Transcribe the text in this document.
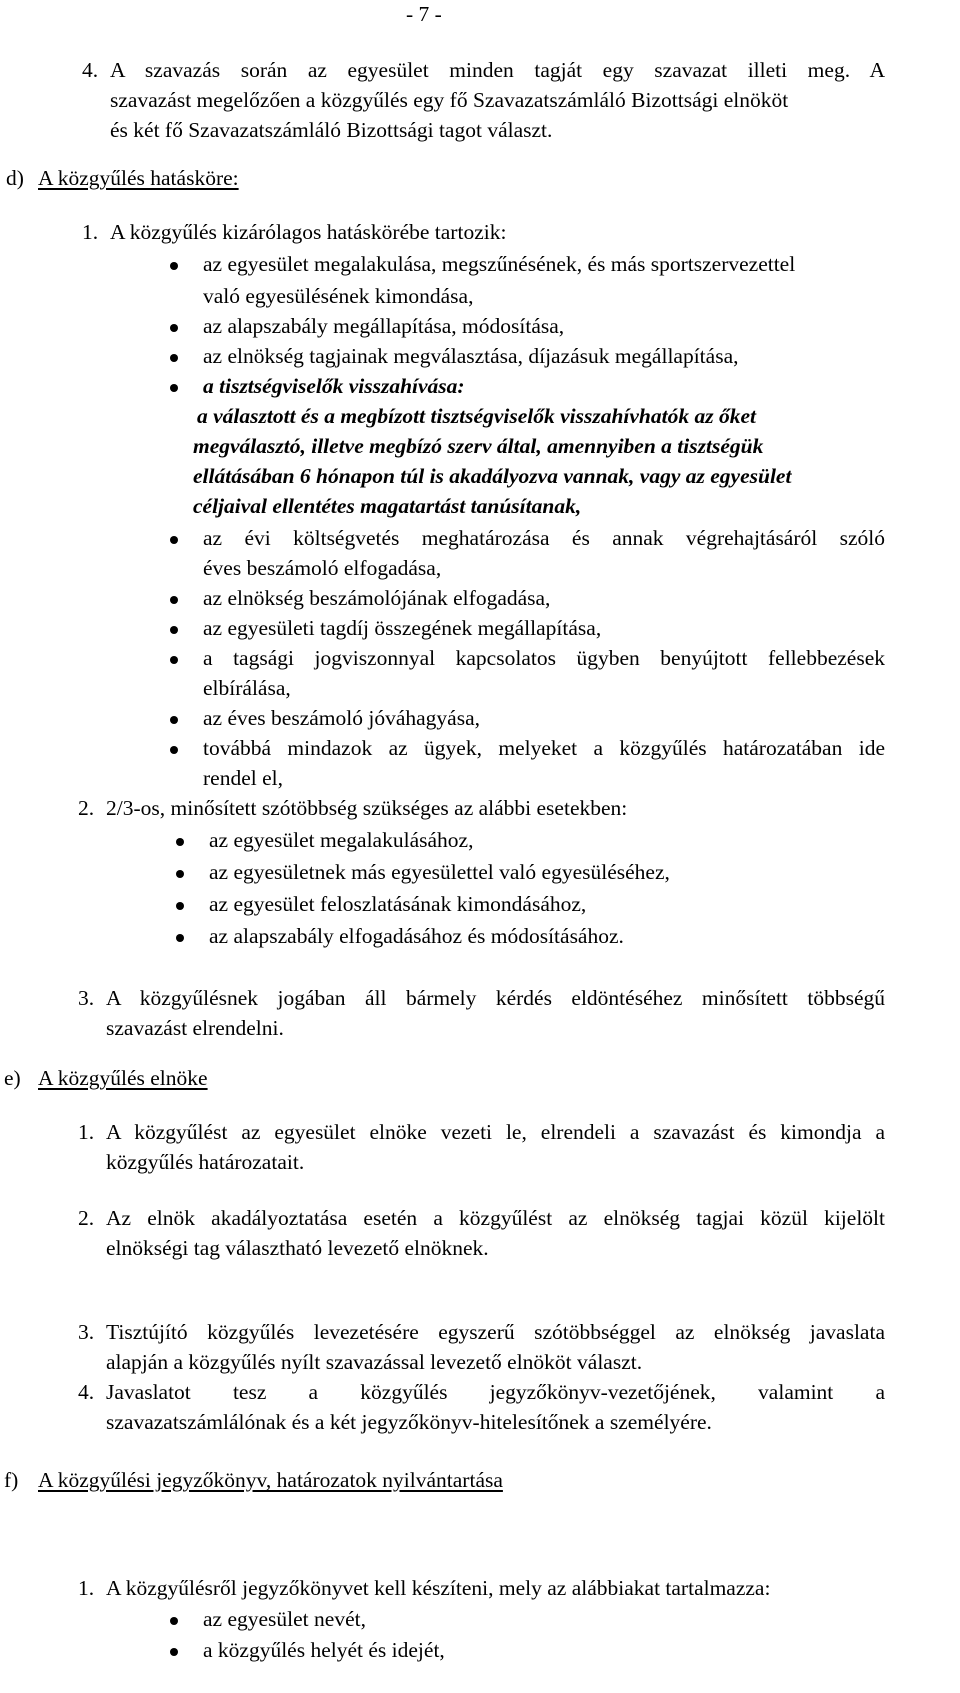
- 7 -
4. A szavazás során az egyesület minden tagját egy szavazat illeti meg. A
szavazást megelőzően a közgyűlés egy fő Szavazatszámláló Bizottsági elnököt
és két fő Szavazatszámláló Bizottsági tagot választ.
d) A közgyűlés hatásköre:
1. A közgyűlés kizárólagos hatáskörébe tartozik:
az egyesület megalakulása, megszűnésének, és más sportszervezettel
való egyesülésének kimondása,
az alapszabály megállapítása, módosítása,
az elnökség tagjainak megválasztása, díjazásuk megállapítása,
a tisztségviselők visszahívása:
a választott és a megbízott tisztségviselők visszahívhatók az őket
megválasztó, illetve megbízó szerv által, amennyiben a tisztségük
ellátásában 6 hónapon túl is akadályozva vannak, vagy az egyesület
céljaival ellentétes magatartást tanúsítanak,
az évi költségvetés meghatározása és annak végrehajtásáról szóló
éves beszámoló elfogadása,
az elnökség beszámolójának elfogadása,
az egyesületi tagdíj összegének megállapítása,
a tagsági jogviszonnyal kapcsolatos ügyben benyújtott fellebbezések
elbírálása,
az éves beszámoló jóváhagyása,
továbbá mindazok az ügyek, melyeket a közgyűlés határozatában ide
rendel el,
2. 2/3-os, minősített szótöbbség szükséges az alábbi esetekben:
az egyesület megalakulásához,
az egyesületnek más egyesülettel való egyesüléséhez,
az egyesület feloszlatásának kimondásához,
az alapszabály elfogadásához és módosításához.
3. A közgyűlésnek jogában áll bármely kérdés eldöntéséhez minősített többségű
szavazást elrendelni.
e) A közgyűlés elnöke
1. A közgyűlést az egyesület elnöke vezeti le, elrendeli a szavazást és kimondja a
közgyűlés határozatait.
2. Az elnök akadályoztatása esetén a közgyűlést az elnökség tagjai közül kijelölt
elnökségi tag választható levezető elnöknek.
3. Tisztújító közgyűlés levezetésére egyszerű szótöbbséggel az elnökség javaslata
alapján a közgyűlés nyílt szavazással levezető elnököt választ.
4. Javaslatot tesz a közgyűlés jegyzőkönyv-vezetőjének, valamint a
szavazatszámlálónak és a két jegyzőkönyv-hitelesítőnek a személyére.
f) A közgyűlési jegyzőkönyv, határozatok nyilvántartása
1. A közgyűlésről jegyzőkönyvet kell készíteni, mely az alábbiakat tartalmazza:
az egyesület nevét,
a közgyűlés helyét és idejét,
